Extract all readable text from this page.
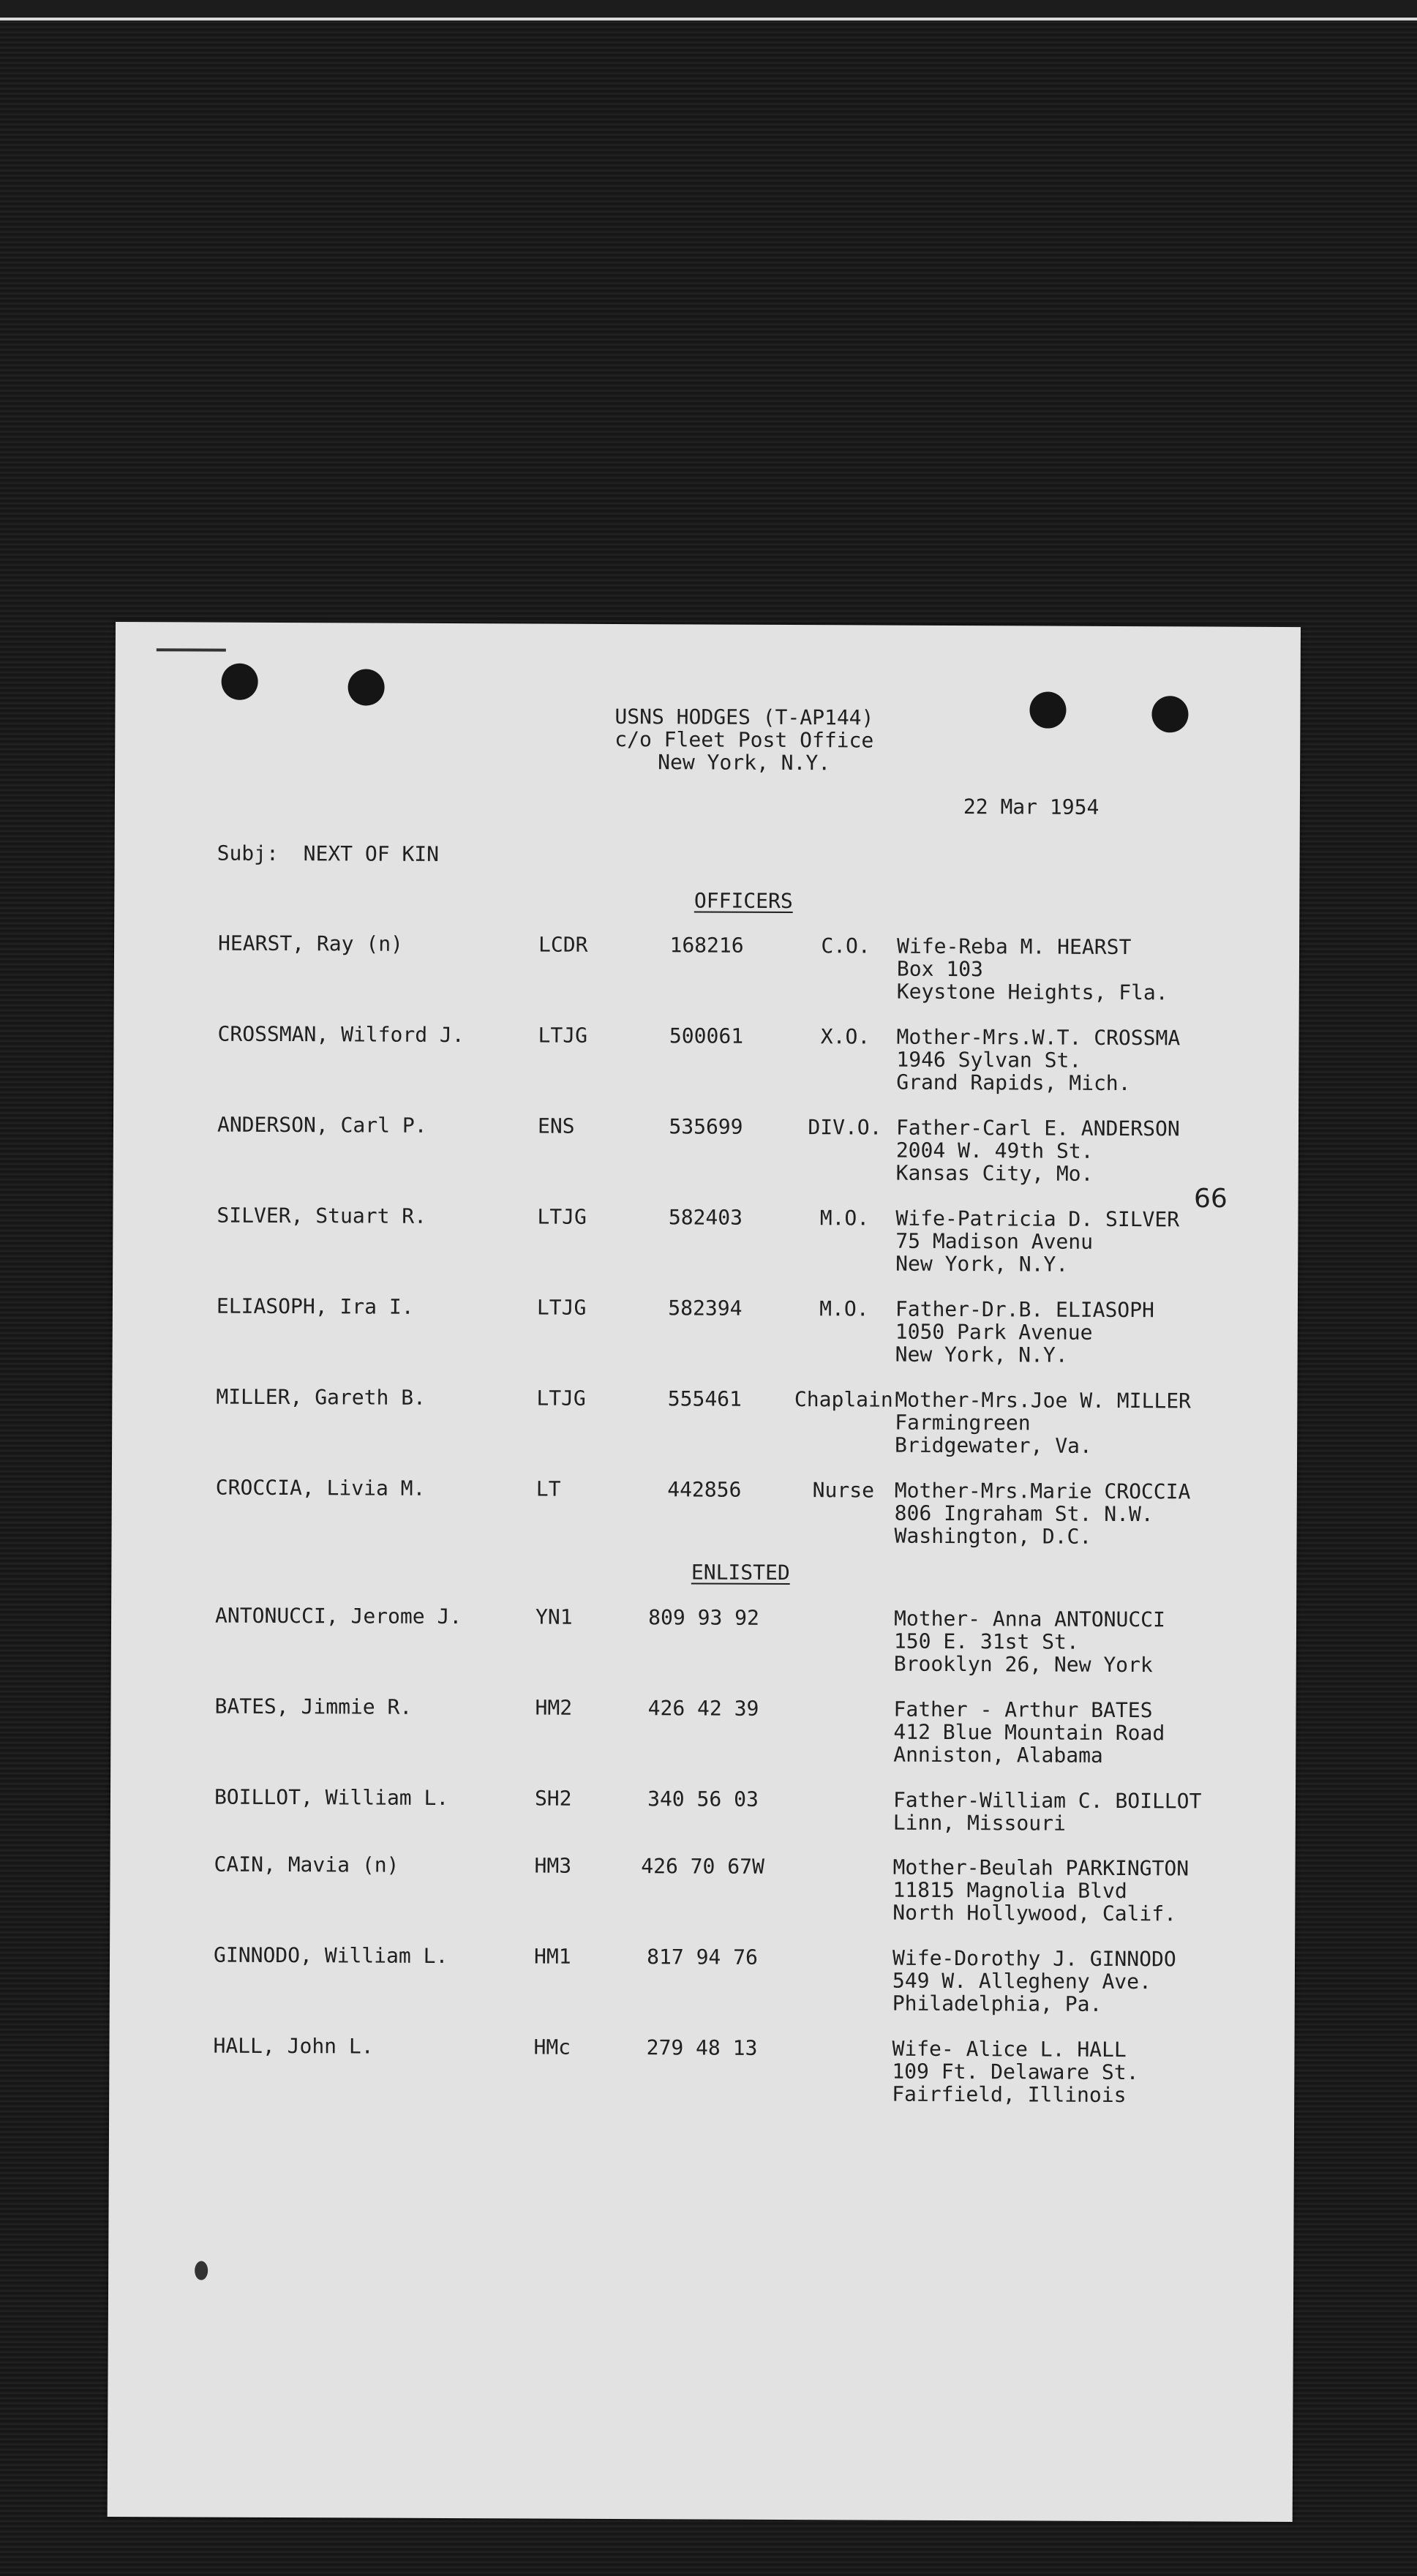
USNS HODGES (T-AP144)
c/o Fleet Post Office
New York, N.Y.
22 Mar 1954
Subj:  NEXT OF KIN
OFFICERS
HEARST, Ray (n)	LCDR	168216	C.O.	Wife-Reba M. HEARST
Box 103
Keystone Heights, Fla.
CROSSMAN, Wilford J.	LTJG	500061	X.O.	Mother-Mrs.W.T. CROSSMA
1946 Sylvan St.
Grand Rapids, Mich.
ANDERSON, Carl P.	ENS	535699	DIV.O. Father-Carl E. ANDERSON
2004 W. 49th St.
Kansas City, Mo.
SILVER, Stuart R.	LTJG	582403	M.O.	Wife-Patricia D. SILVER
75 Madison Avenu
New York, N.Y.
ELIASOPH, Ira I.	LTJG	582394	M.O.	Father-Dr.B. ELIASOPH
1050 Park Avenue
New York, N.Y.
MILLER, Gareth B.	LTJG	555461	Chaplain Mother-Mrs.Joe W. MILLER
Farmingreen
Bridgewater, Va.
CROCCIA, Livia M.	LT	442856	Nurse Mother-Mrs.Marie CROCCIA
806 Ingraham St. N.W.
Washington, D.C.
ENLISTED
ANTONUCCI, Jerome J.	YN1	809 93 92	Mother- Anna ANTONUCCI
150 E. 31st St.
Brooklyn 26, New York
BATES, Jimmie R.	HM2	426 42 39	Father - Arthur BATES
412 Blue Mountain Road
Anniston, Alabama
BOILLOT, William L.	SH2	340 56 03	Father-William C. BOILLOT
Linn, Missouri
CAIN, Mavia (n)	HM3	426 70 67W	Mother-Beulah PARKINGTON
11815 Magnolia Blvd
North Hollywood, Calif.
GINNODO, William L.	HM1	817 94 76	Wife-Dorothy J. GINNODO
549 W. Allegheny Ave.
Philadelphia, Pa.
HALL, John L.	HMc	279 48 13	Wife- Alice L. HALL
109 Ft. Delaware St.
Fairfield, Illinois
66
